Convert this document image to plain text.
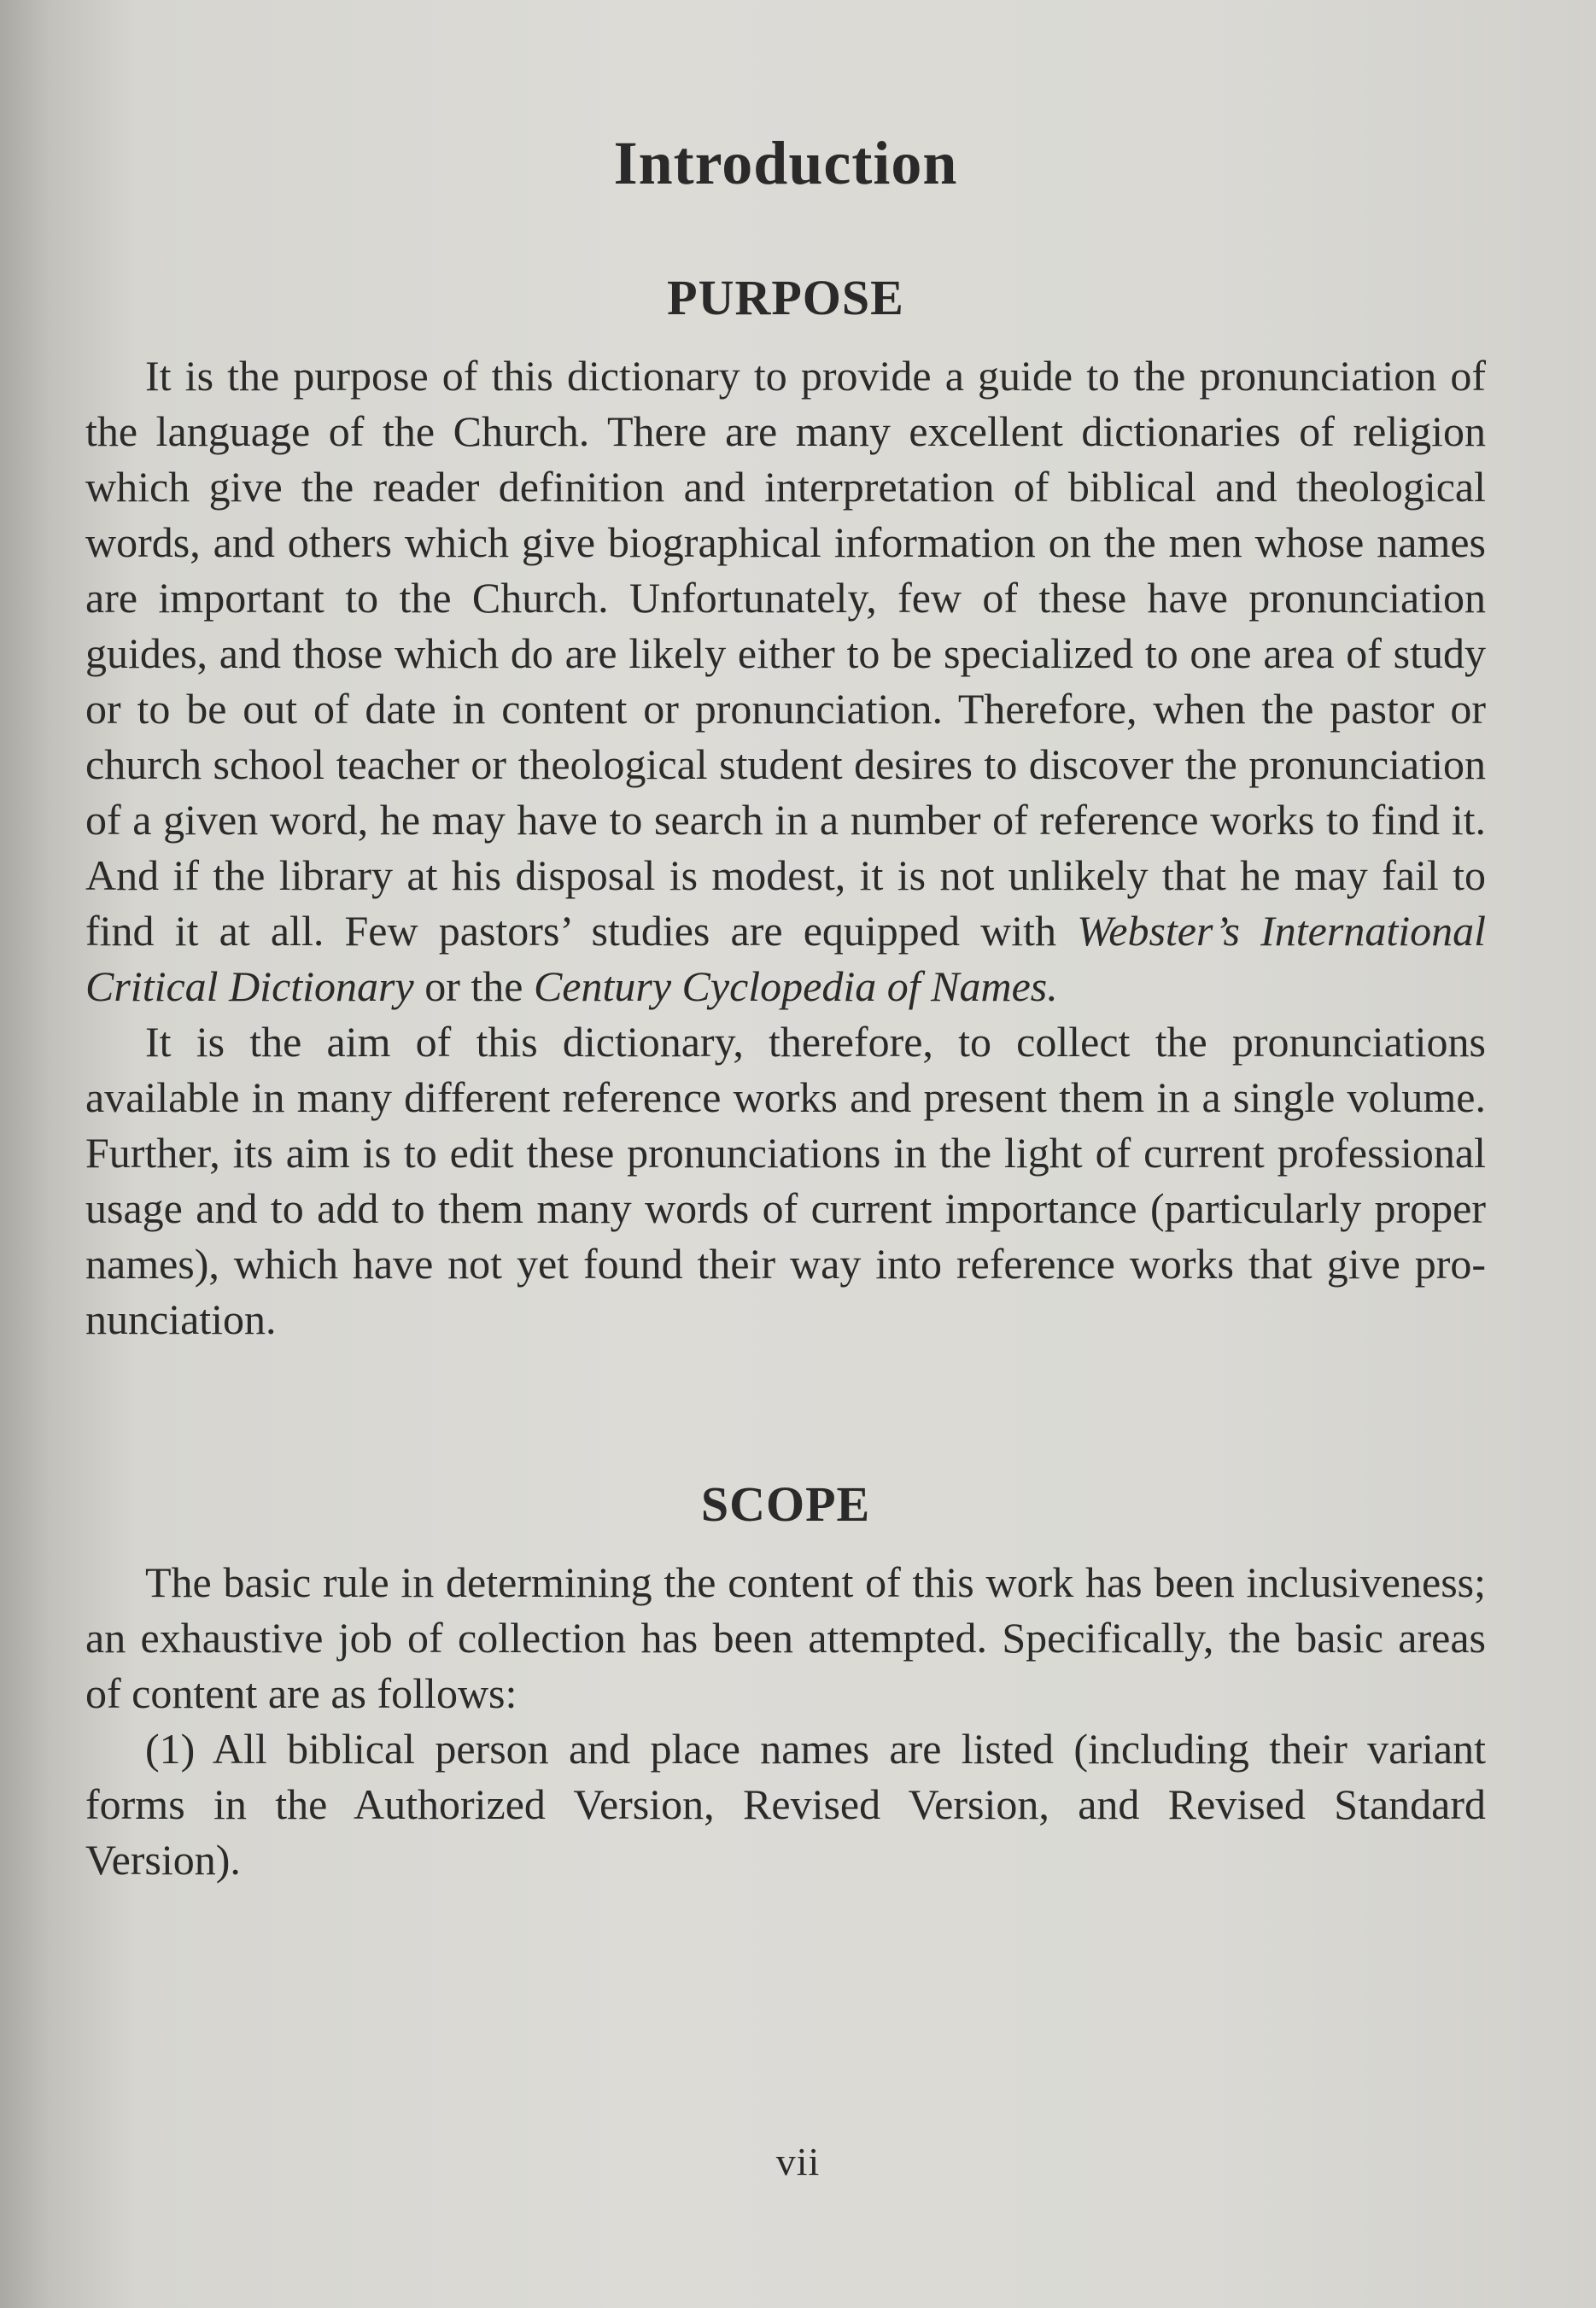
Introduction
PURPOSE

It is the purpose of this dictionary to provide a guide to the pronunciation of the language of the Church. There are many excellent dictionaries of religion which give the reader definition and interpretation of biblical and theological words, and others which give biographical information on the men whose names are important to the Church. Unfortunately, few of these have pronunciation guides, and those which do are likely either to be specialized to one area of study or to be out of date in content or pronunciation. Therefore, when the pastor or church school teacher or theological student desires to discover the pronunciation of a given word, he may have to search in a number of reference works to find it. And if the library at his disposal is modest, it is not unlikely that he may fail to find it at all. Few pastors’ studies are equipped with Webster’s International Critical Dictionary or the Century Cyclopedia of Names.

It is the aim of this dictionary, therefore, to collect the pronunciations available in many different reference works and present them in a single volume. Further, its aim is to edit these pronunciations in the light of current professional usage and to add to them many words of current importance (particularly proper names), which have not yet found their way into reference works that give pronunciation.

SCOPE

The basic rule in determining the content of this work has been inclusiveness; an exhaustive job of collection has been attempted. Specifically, the basic areas of content are as follows:

(1) All biblical person and place names are listed (including their variant forms in the Authorized Version, Revised Version, and Revised Standard Version).

vii
